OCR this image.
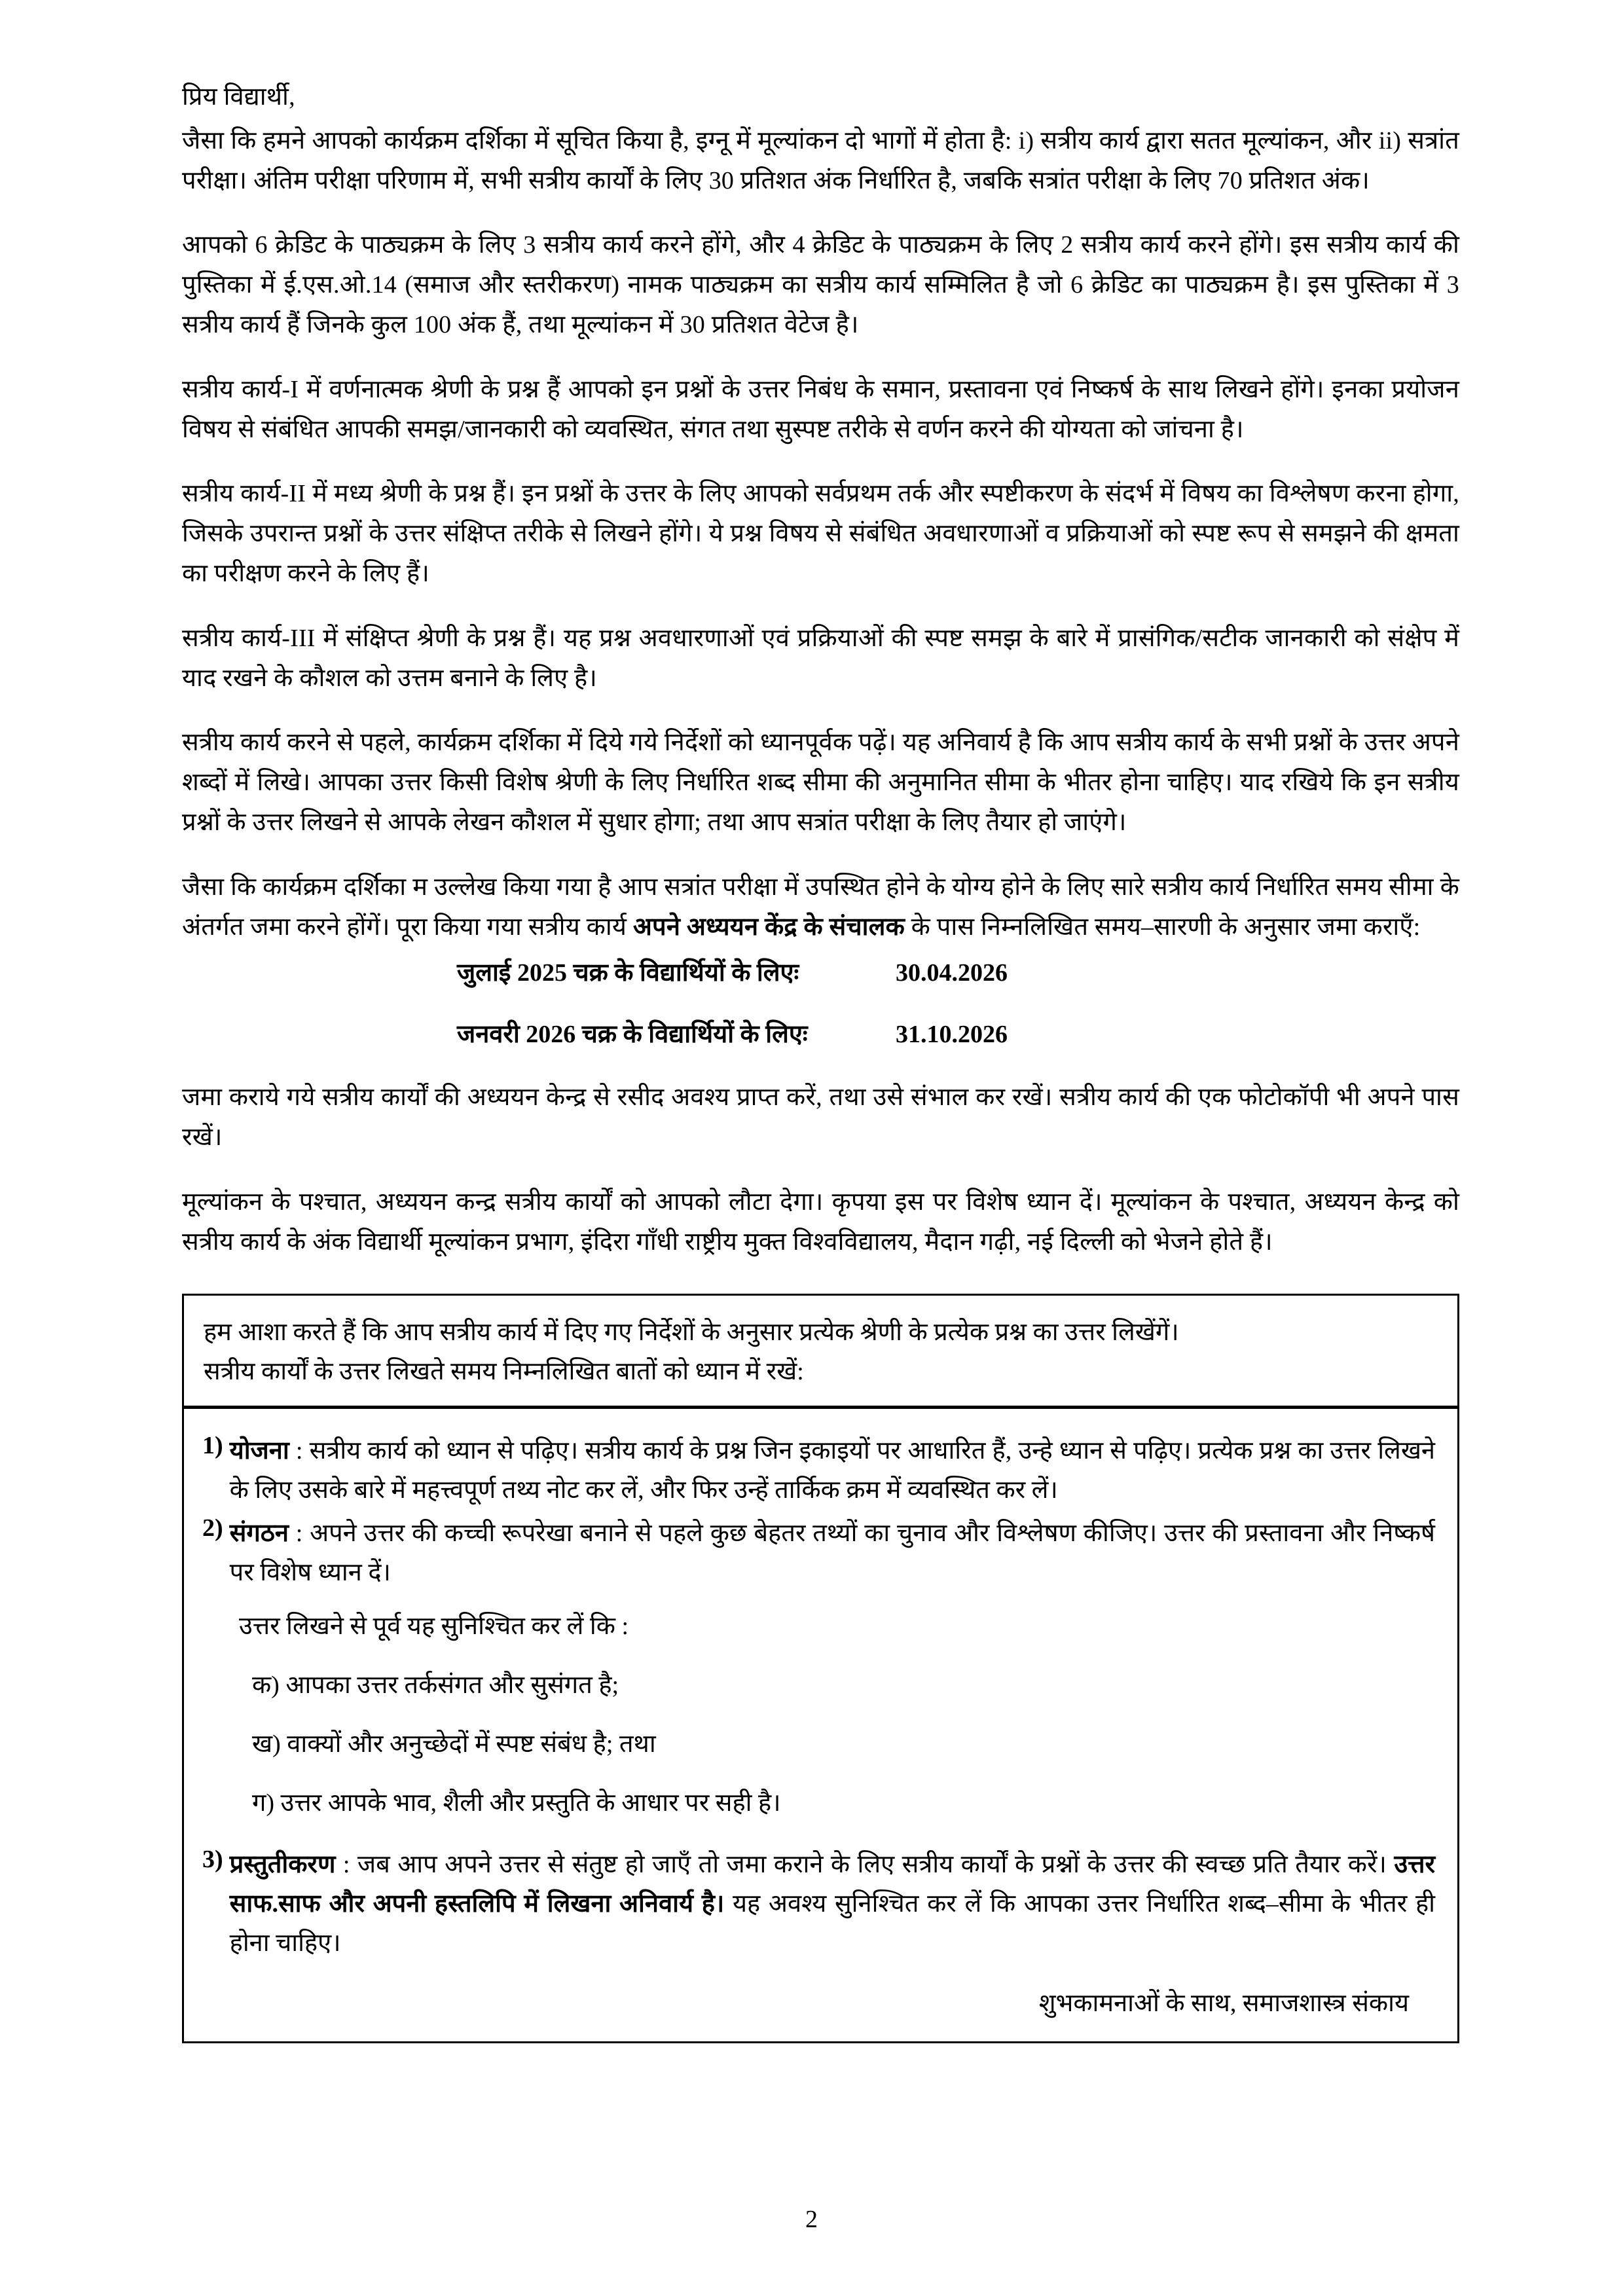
प्रिय विद्यार्थी,

जैसा कि हमने आपको कार्यक्रम दर्शिका में सूचित किया है, इग्नू में मूल्यांकन दो भागों में होता है: i) सत्रीय कार्य द्वारा सतत मूल्यांकन, और ii) सत्रांत परीक्षा। अंतिम परीक्षा परिणाम में, सभी सत्रीय कार्यों के लिए 30 प्रतिशत अंक निर्धारित है, जबकि सत्रांत परीक्षा के लिए 70 प्रतिशत अंक।

आपको 6 क्रेडिट के पाठ्यक्रम के लिए 3 सत्रीय कार्य करने होंगे, और 4 क्रेडिट के पाठ्यक्रम के लिए 2 सत्रीय कार्य करने होंगे। इस सत्रीय कार्य की पुस्तिका में ई.एस.ओ.14 (समाज और स्तरीकरण) नामक पाठ्यक्रम का सत्रीय कार्य सम्मिलित है जो 6 क्रेडिट का पाठ्यक्रम है। इस पुस्तिका में 3 सत्रीय कार्य हैं जिनके कुल 100 अंक हैं, तथा मूल्यांकन में 30 प्रतिशत वेटेज है।

सत्रीय कार्य-I में वर्णनात्मक श्रेणी के प्रश्न हैं आपको इन प्रश्नों के उत्तर निबंध के समान, प्रस्तावना एवं निष्कर्ष के साथ लिखने होंगे। इनका प्रयोजन विषय से संबंधित आपकी समझ/जानकारी को व्यवस्थित, संगत तथा सुस्पष्ट तरीके से वर्णन करने की योग्यता को जांचना है।

सत्रीय कार्य-II में मध्य श्रेणी के प्रश्न हैं। इन प्रश्नों के उत्तर के लिए आपको सर्वप्रथम तर्क और स्पष्टीकरण के संदर्भ में विषय का विश्लेषण करना होगा, जिसके उपरान्त प्रश्नों के उत्तर संक्षिप्त तरीके से लिखने होंगे। ये प्रश्न विषय से संबंधित अवधारणाओं व प्रक्रियाओं को स्पष्ट रूप से समझने की क्षमता का परीक्षण करने के लिए हैं।

सत्रीय कार्य-III में संक्षिप्त श्रेणी के प्रश्न हैं। यह प्रश्न अवधारणाओं एवं प्रक्रियाओं की स्पष्ट समझ के बारे में प्रासंगिक/सटीक जानकारी को संक्षेप में याद रखने के कौशल को उत्तम बनाने के लिए है।

सत्रीय कार्य करने से पहले, कार्यक्रम दर्शिका में दिये गये निर्देशों को ध्यानपूर्वक पढ़ें। यह अनिवार्य है कि आप सत्रीय कार्य के सभी प्रश्नों के उत्तर अपने शब्दों में लिखे। आपका उत्तर किसी विशेष श्रेणी के लिए निर्धारित शब्द सीमा की अनुमानित सीमा के भीतर होना चाहिए। याद रखिये कि इन सत्रीय प्रश्नों के उत्तर लिखने से आपके लेखन कौशल में सुधार होगा; तथा आप सत्रांत परीक्षा के लिए तैयार हो जाएंगे।

जैसा कि कार्यक्रम दर्शिका म उल्लेख किया गया है आप सत्रांत परीक्षा में उपस्थित होने के योग्य होने के लिए सारे सत्रीय कार्य निर्धारित समय सीमा के अंतर्गत जमा करने होंगें। पूरा किया गया सत्रीय कार्य अपने अध्ययन केंद्र के संचालक के पास निम्नलिखित समय–सारणी के अनुसार जमा कराएँ:

जुलाई 2025 चक्र के विद्यार्थियों के लिएः	30.04.2026
जनवरी 2026 चक्र के विद्यार्थियों के लिएः	31.10.2026

जमा कराये गये सत्रीय कार्याें की अध्ययन केन्द्र से रसीद अवश्य प्राप्त करें, तथा उसे संभाल कर रखें। सत्रीय कार्य की एक फोटोकॉपी भी अपने पास रखें।

मूल्यांकन के पश्चात, अध्ययन कन्द्र सत्रीय कार्याें को आपको लौटा देगा। कृपया इस पर विशेष ध्यान दें। मूल्यांकन के पश्चात, अध्ययन केन्द्र को सत्रीय कार्य के अंक विद्यार्थी मूल्यांकन प्रभाग, इंदिरा गाँधी राष्ट्रीय मुक्त विश्वविद्यालय, मैदान गढ़ी, नई दिल्ली को भेजने होते हैं।

हम आशा करते हैं कि आप सत्रीय कार्य में दिए गए निर्देशों के अनुसार प्रत्येक श्रेणी के प्रत्येक प्रश्न का उत्तर लिखेंगें।

सत्रीय कार्याें के उत्तर लिखते समय निम्नलिखित बातों को ध्यान में रखें:

1) योजना : सत्रीय कार्य को ध्यान से पढ़िए। सत्रीय कार्य के प्रश्न जिन इकाइयों पर आधारित हैं, उन्हे ध्यान से पढ़िए। प्रत्येक प्रश्न का उत्तर लिखने के लिए उसके बारे में महत्त्वपूर्ण तथ्य नोट कर लें, और फिर उन्हें तार्किक क्रम में व्यवस्थित कर लें।
2) संगठन : अपने उत्तर की कच्ची रूपरेखा बनाने से पहले कुछ बेहतर तथ्यों का चुनाव और विश्लेषण कीजिए। उत्तर की प्रस्तावना और निष्कर्ष पर विशेष ध्यान दें।
उत्तर लिखने से पूर्व यह सुनिश्चित कर लें कि :
क) आपका उत्तर तर्कसंगत और सुसंगत है;
ख) वाक्यों और अनुच्छेदों में स्पष्ट संबंध है; तथा
ग) उत्तर आपके भाव, शैली और प्रस्तुति के आधार पर सही है।
3) प्रस्तुतीकरण : जब आप अपने उत्तर से संतुष्ट हो जाएँ तो जमा कराने के लिए सत्रीय कार्याें के प्रश्नों के उत्तर की स्वच्छ प्रति तैयार करें। उत्तर साफ.साफ और अपनी हस्तलिपि में लिखना अनिवार्य है। यह अवश्य सुनिश्चित कर लें कि आपका उत्तर निर्धारित शब्द–सीमा के भीतर ही होना चाहिए।
शुभकामनाओं के साथ, समाजशास्त्र संकाय
2
